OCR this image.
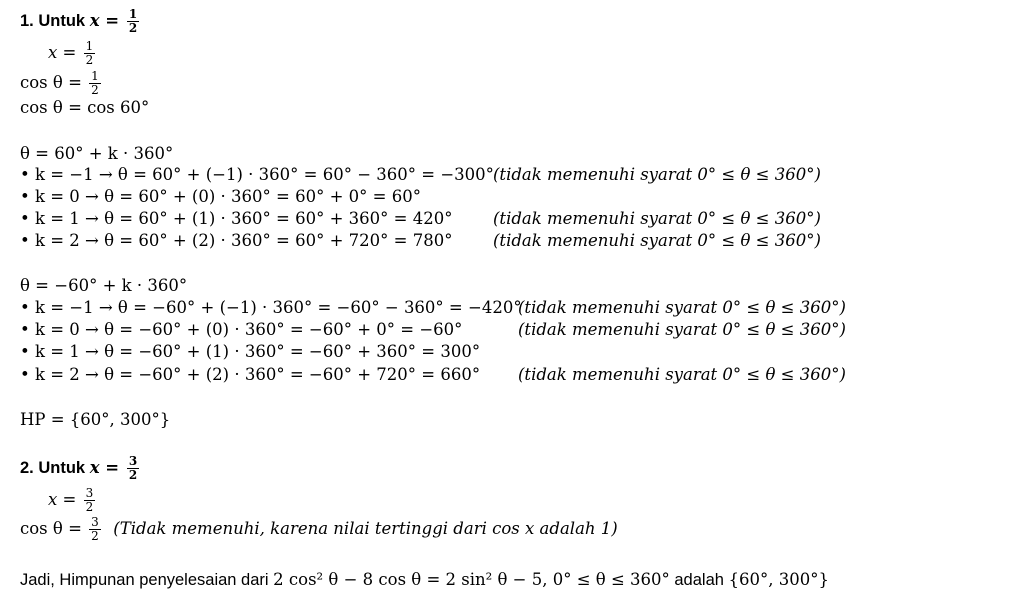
1. Untuk $x = \frac{1}{2}$
$x = \frac{1}{2}$
$\cos \theta = \frac{1}{2}$
cos θ = cos 60°
θ = 60° + k · 360°
• k = −1 → θ = 60° + (−1) · 360° = 60° − 360° = −300° (tidak memenuhi syarat 0° ≤ θ ≤ 360°)
• k = 0 → θ = 60° + (0) · 360° = 60° + 0° = 60°
• k = 1 → θ = 60° + (1) · 360° = 60° + 360° = 420° (tidak memenuhi syarat 0° ≤ θ ≤ 360°)
• k = 2 → θ = 60° + (2) · 360° = 60° + 720° = 780° (tidak memenuhi syarat 0° ≤ θ ≤ 360°)
θ = −60° + k · 360°
• k = −1 → θ = −60° + (−1) · 360° = −60° − 360° = −420°
(tidak memenuhi syarat 0° ≤ θ ≤ 360°)
• k = 0 → θ = −60° + (0) · 360° = −60° + 0° = −60°	(tidak memenuhi syarat 0° ≤ θ ≤ 360°)
• k = 1 → θ = −60° + (1) · 360° = −60° + 360° = 300°
• k = 2 → θ = −60° + (2) · 360° = −60° + 720° = 660° (tidak memenuhi syarat 0° ≤ θ ≤ 360°)
HP = {60°, 300°}
2. Untuk $x = \frac{3}{2}$
$x = \frac{3}{2}$
$\cos \theta = \frac{3}{2}$ (Tidak memenuhi, karena nilai tertinggi dari cos x adalah 1)
Jadi, Himpunan penyelesaian dari 2 cos² θ − 8 cos θ = 2 sin² θ − 5, 0° ≤ θ ≤ 360° adalah {60°, 300°}
